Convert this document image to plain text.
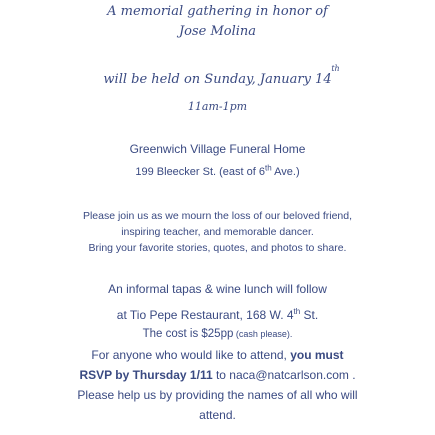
A memorial gathering in honor of
Jose Molina
th
will be held on Sunday, January 14
11am-1pm
Greenwich Village Funeral Home
199 Bleecker St. (east of 6th Ave.)
Please join us as we mourn the loss of our beloved friend,
inspiring teacher, and memorable dancer.
Bring your favorite stories, quotes, and photos to share.
An informal tapas & wine lunch will follow
at Tio Pepe Restaurant, 168 W. 4th St.
The cost is $25pp (cash please).
For anyone who would like to attend, you must
RSVP by Thursday 1/11 to naca@natcarlson.com .
Please help us by providing the names of all who will
attend.
